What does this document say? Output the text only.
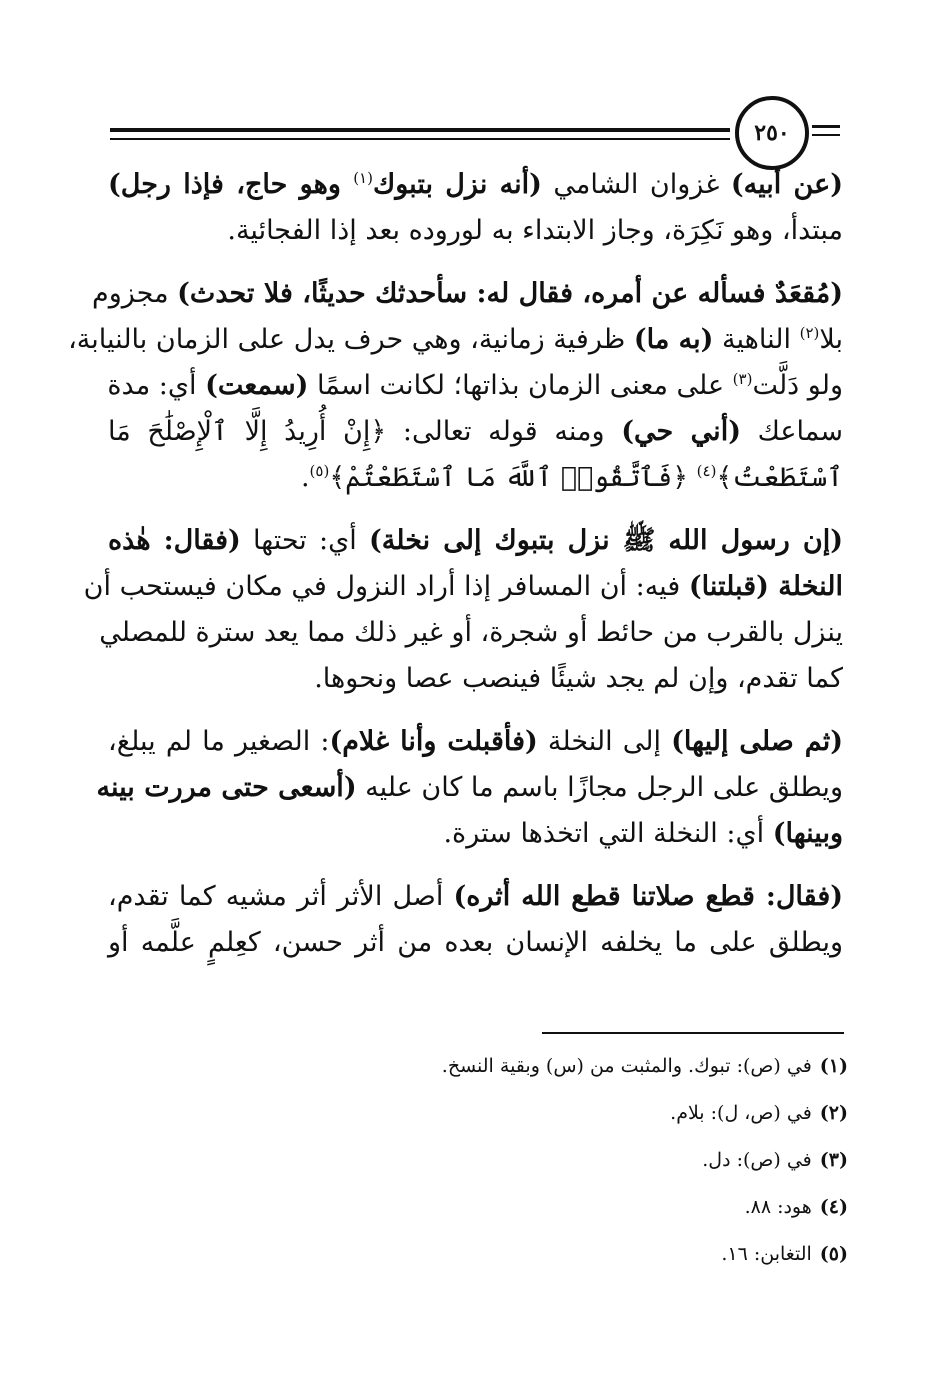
٢٥٠

(عن أبيه) غزوان الشامي (أنه نزل بتبوك$^{(١)}$ وهو حاج، فإذا رجل)
مبتدأ، وهو نَكِرَة، وجاز الابتداء به لوروده بعد إذا الفجائية.

(مُقعَدٌ فسأله عن أمره، فقال له: سأحدثك حديثًا، فلا تحدث) مجزوم
بلا$^{(٢)}$ الناهية (به ما) ظرفية زمانية، وهي حرف يدل على الزمان بالنيابة،
ولو دَلَّت$^{(٣)}$ على معنى الزمان بذاتها؛ لكانت اسمًا (سمعت) أي: مدة
سماعك (أني حي) ومنه قوله تعالى: ﴿إِنْ أُرِيدُ إِلَّا ٱلْإِصْلَٰحَ مَا
ٱسْتَطَعْتُ﴾$^{(٤)}$ ﴿فَٱتَّقُوا۟ ٱللَّهَ مَا ٱسْتَطَعْتُمْ﴾$^{(٥)}$.

(إن رسول الله ﷺ نزل بتبوك إلى نخلة) أي: تحتها (فقال: هٰذه
النخلة (قبلتنا) فيه: أن المسافر إذا أراد النزول في مكان فيستحب أن
ينزل بالقرب من حائط أو شجرة، أو غير ذلك مما يعد سترة للمصلي
كما تقدم، وإن لم يجد شيئًا فينصب عصا ونحوها.

(ثم صلى إليها) إلى النخلة (فأقبلت وأنا غلام): الصغير ما لم يبلغ،
ويطلق على الرجل مجازًا باسم ما كان عليه (أسعى حتى مررت بينه
وبينها) أي: النخلة التي اتخذها سترة.

(فقال: قطع صلاتنا قطع الله أثره) أصل الأثر أثر مشيه كما تقدم،
ويطلق على ما يخلفه الإنسان بعده من أثر حسن، كعِلمٍ علَّمه أو

(١)في (ص): تبوك. والمثبت من (س) وبقية النسخ.
(٢)في (ص، ل): بلام.
(٣)في (ص): دل.
(٤)هود: ٨٨.
(٥)التغابن: ١٦.
